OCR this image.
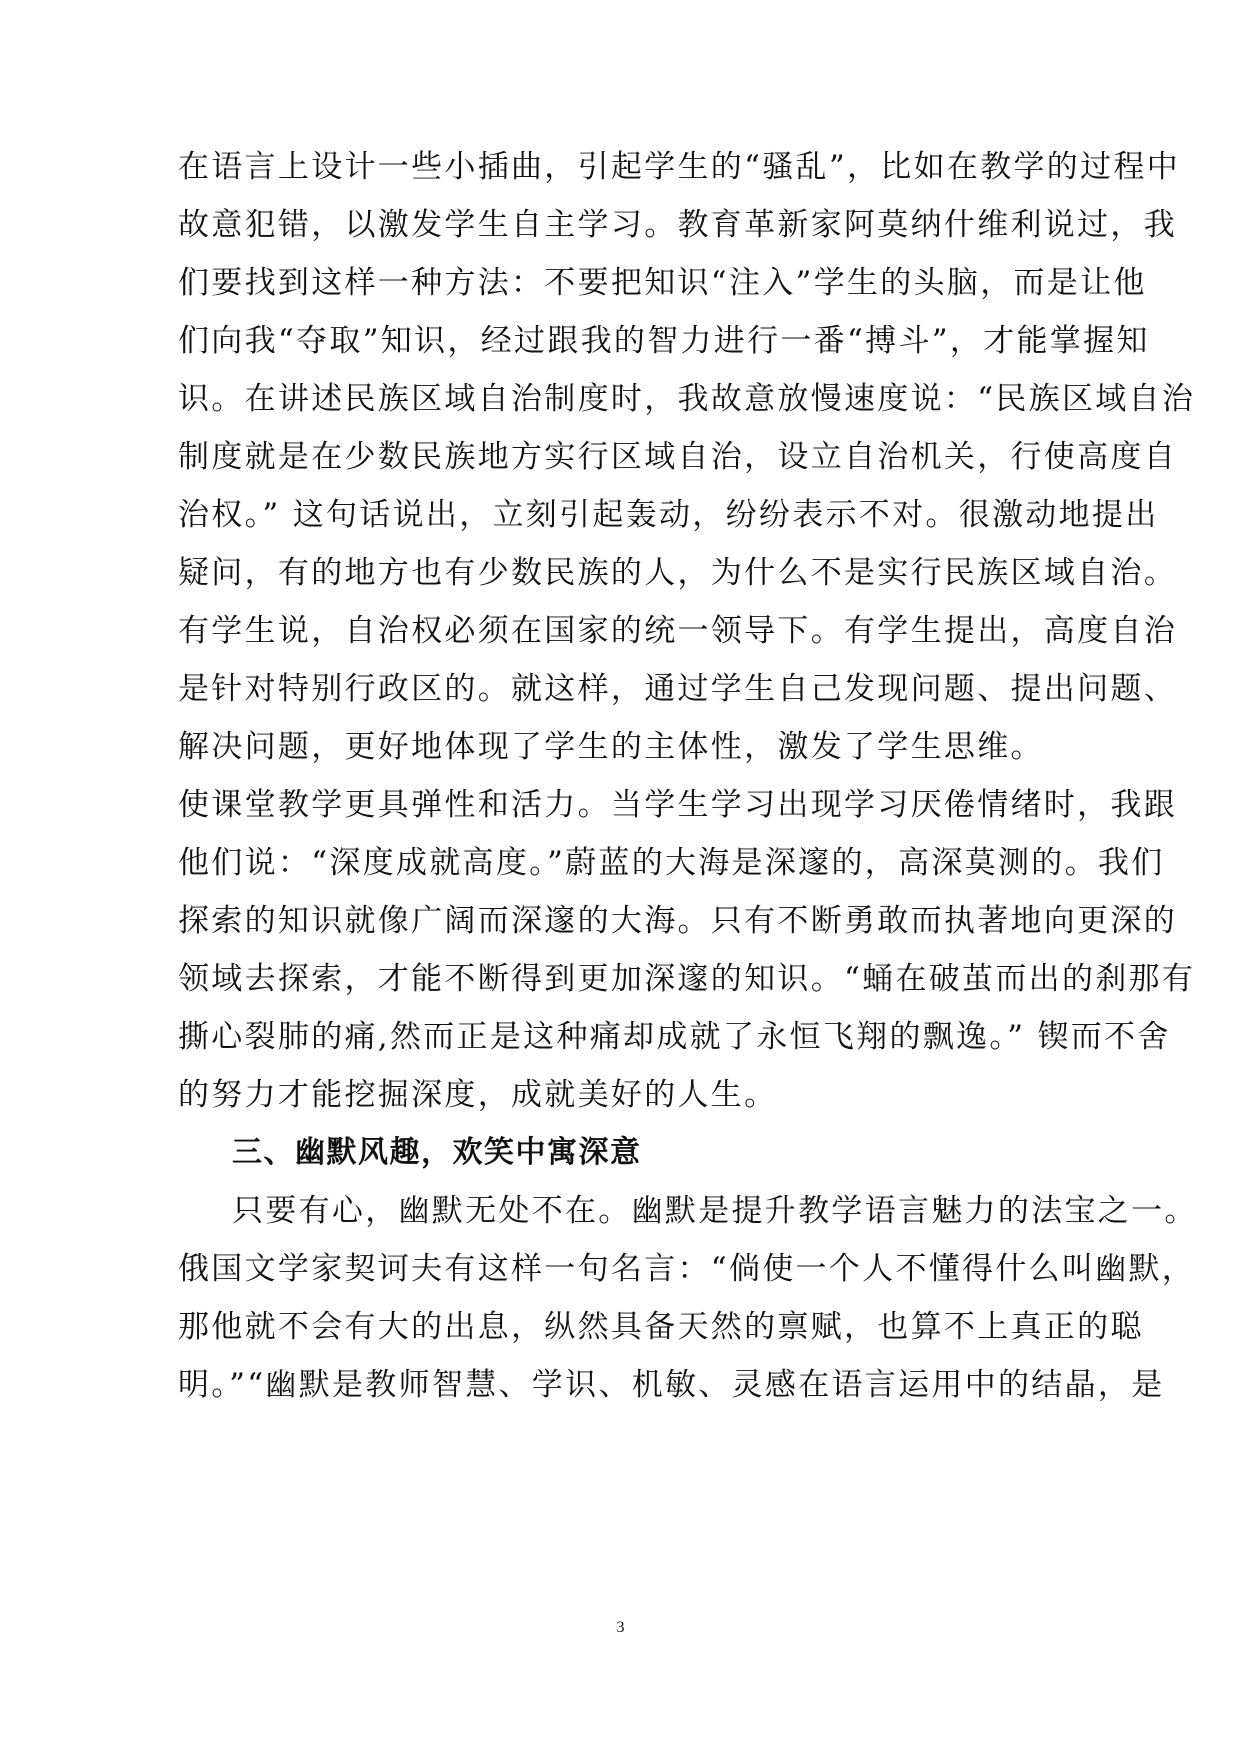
在语言上设计一些小插曲，引起学生的“骚乱”，比如在教学的过程中
故意犯错，以激发学生自主学习。教育革新家阿莫纳什维利说过，我
们要找到这样一种方法：不要把知识“注入”学生的头脑，而是让他
们向我“夺取”知识，经过跟我的智力进行一番“搏斗”，才能掌握知
识。在讲述民族区域自治制度时，我故意放慢速度说：“民族区域自治
制度就是在少数民族地方实行区域自治，设立自治机关，行使高度自
治权。” 这句话说出，立刻引起轰动，纷纷表示不对。很激动地提出
疑问，有的地方也有少数民族的人，为什么不是实行民族区域自治。
有学生说，自治权必须在国家的统一领导下。有学生提出，高度自治
是针对特别行政区的。就这样，通过学生自己发现问题、提出问题、
解决问题，更好地体现了学生的主体性，激发了学生思维。
使课堂教学更具弹性和活力。当学生学习出现学习厌倦情绪时，我跟
他们说：“深度成就高度。”蔚蓝的大海是深邃的，高深莫测的。我们
探索的知识就像广阔而深邃的大海。只有不断勇敢而执著地向更深的
领域去探索，才能不断得到更加深邃的知识。“蛹在破茧而出的刹那有
撕心裂肺的痛,然而正是这种痛却成就了永恒飞翔的飘逸。” 锲而不舍
的努力才能挖掘深度，成就美好的人生。
三、幽默风趣，欢笑中寓深意
只要有心，幽默无处不在。幽默是提升教学语言魅力的法宝之一。
俄国文学家契诃夫有这样一句名言：“倘使一个人不懂得什么叫幽默，
那他就不会有大的出息，纵然具备天然的禀赋，也算不上真正的聪
明。”“幽默是教师智慧、学识、机敏、灵感在语言运用中的结晶，是
3
